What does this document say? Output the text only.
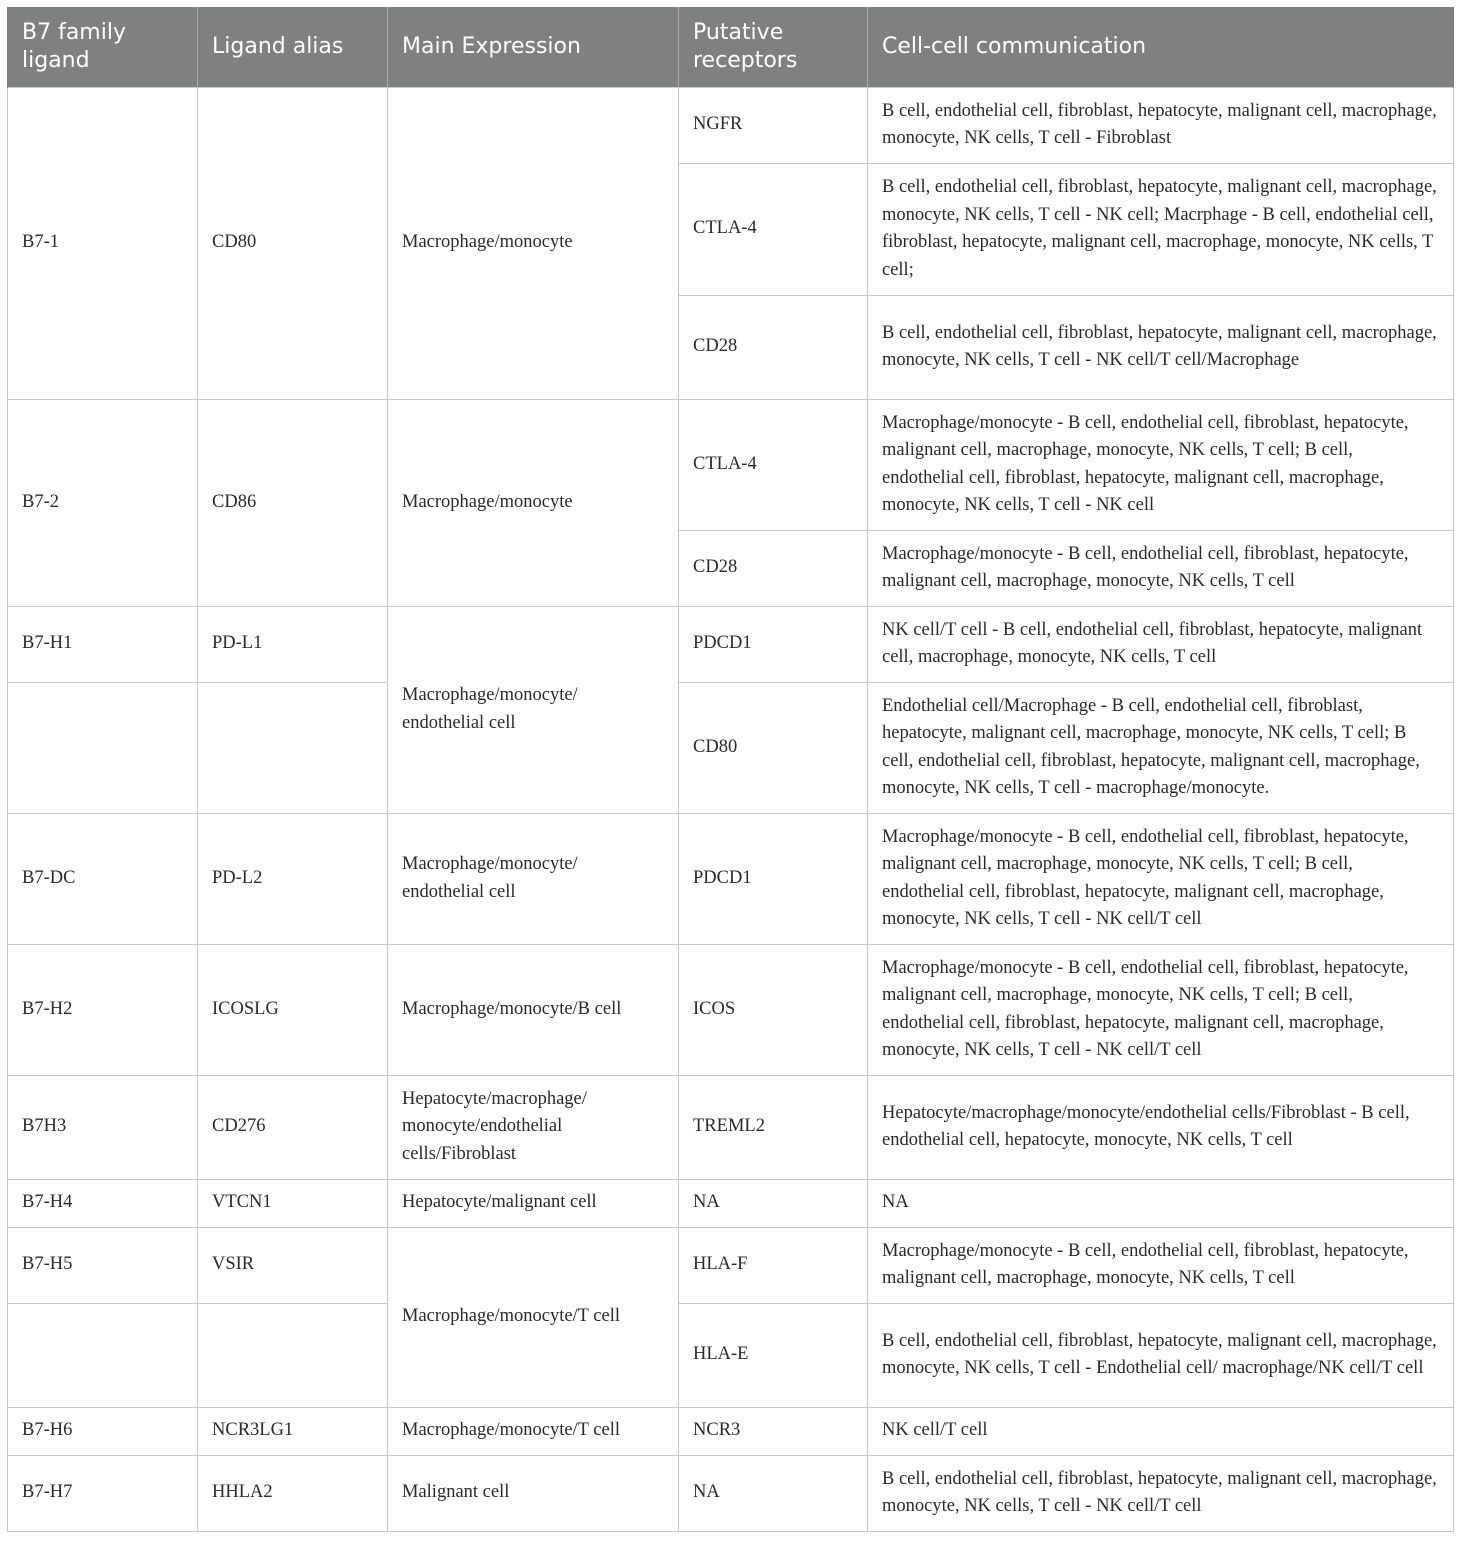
B7 family ligand	Ligand alias	Main Expression	Putative receptors	Cell-cell communication
B7-1	CD80	Macrophage/monocyte	NGFR	B cell, endothelial cell, fibroblast, hepatocyte, malignant cell, macrophage, monocyte, NK cells, T cell - Fibroblast
			CTLA-4	B cell, endothelial cell, fibroblast, hepatocyte, malignant cell, macrophage, monocyte, NK cells, T cell - NK cell; Macrphage - B cell, endothelial cell, fibroblast, hepatocyte, malignant cell, macrophage, monocyte, NK cells, T cell;
			CD28	B cell, endothelial cell, fibroblast, hepatocyte, malignant cell, macrophage, monocyte, NK cells, T cell - NK cell/T cell/Macrophage
B7-2	CD86	Macrophage/monocyte	CTLA-4	Macrophage/monocyte - B cell, endothelial cell, fibroblast, hepatocyte, malignant cell, macrophage, monocyte, NK cells, T cell; B cell, endothelial cell, fibroblast, hepatocyte, malignant cell, macrophage, monocyte, NK cells, T cell - NK cell
			CD28	Macrophage/monocyte - B cell, endothelial cell, fibroblast, hepatocyte, malignant cell, macrophage, monocyte, NK cells, T cell
B7-H1	PD-L1	Macrophage/monocyte/ endothelial cell	PDCD1	NK cell/T cell - B cell, endothelial cell, fibroblast, hepatocyte, malignant cell, macrophage, monocyte, NK cells, T cell
			CD80	Endothelial cell/Macrophage - B cell, endothelial cell, fibroblast, hepatocyte, malignant cell, macrophage, monocyte, NK cells, T cell; B cell, endothelial cell, fibroblast, hepatocyte, malignant cell, macrophage, monocyte, NK cells, T cell - macrophage/monocyte.
B7-DC	PD-L2	Macrophage/monocyte/ endothelial cell	PDCD1	Macrophage/monocyte - B cell, endothelial cell, fibroblast, hepatocyte, malignant cell, macrophage, monocyte, NK cells, T cell; B cell, endothelial cell, fibroblast, hepatocyte, malignant cell, macrophage, monocyte, NK cells, T cell - NK cell/T cell
B7-H2	ICOSLG	Macrophage/monocyte/B cell	ICOS	Macrophage/monocyte - B cell, endothelial cell, fibroblast, hepatocyte, malignant cell, macrophage, monocyte, NK cells, T cell; B cell, endothelial cell, fibroblast, hepatocyte, malignant cell, macrophage, monocyte, NK cells, T cell - NK cell/T cell
B7H3	CD276	Hepatocyte/macrophage/ monocyte/endothelial cells/Fibroblast	TREML2	Hepatocyte/macrophage/monocyte/endothelial cells/Fibroblast - B cell, endothelial cell, hepatocyte, monocyte, NK cells, T cell
B7-H4	VTCN1	Hepatocyte/malignant cell	NA	NA
B7-H5	VSIR	Macrophage/monocyte/T cell	HLA-F	Macrophage/monocyte - B cell, endothelial cell, fibroblast, hepatocyte, malignant cell, macrophage, monocyte, NK cells, T cell
			HLA-E	B cell, endothelial cell, fibroblast, hepatocyte, malignant cell, macrophage, monocyte, NK cells, T cell - Endothelial cell/ macrophage/NK cell/T cell
B7-H6	NCR3LG1	Macrophage/monocyte/T cell	NCR3	NK cell/T cell
B7-H7	HHLA2	Malignant cell	NA	B cell, endothelial cell, fibroblast, hepatocyte, malignant cell, macrophage, monocyte, NK cells, T cell - NK cell/T cell
